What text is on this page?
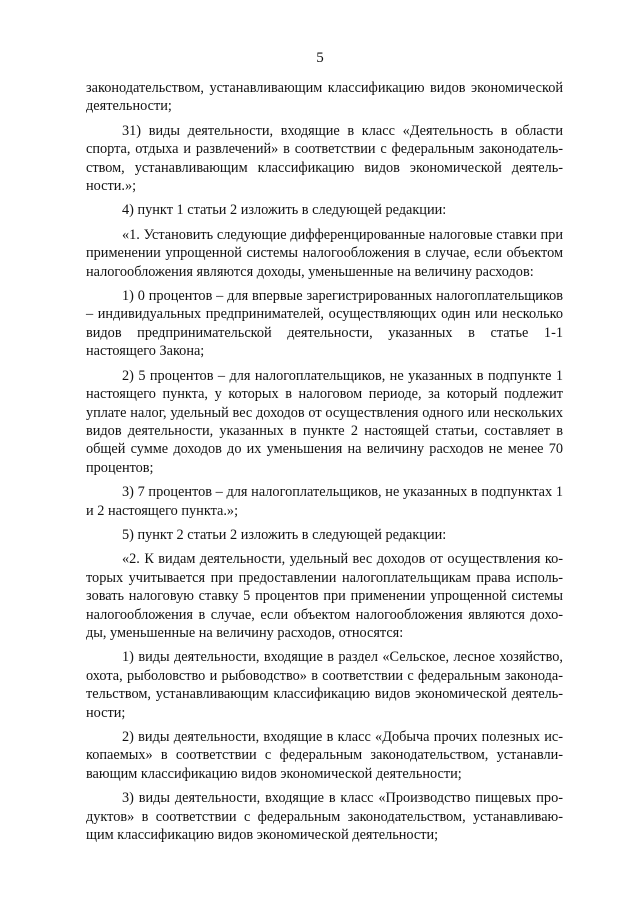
5

законодательством, устанавливающим классификацию видов экономической деятельности;

31) виды деятельности, входящие в класс «Деятельность в области спорта, отдыха и развлечений» в соответствии с федеральным законодательством, устанавливающим классификацию видов экономической деятельности.»;

4) пункт 1 статьи 2 изложить в следующей редакции:

«1. Установить следующие дифференцированные налоговые ставки при применении упрощенной системы налогообложения в случае, если объектом налогообложения являются доходы, уменьшенные на величину расходов:

1) 0 процентов – для впервые зарегистрированных налогоплательщиков – индивидуальных предпринимателей, осуществляющих один или несколько видов предпринимательской деятельности, указанных в статье 1-1 настоящего Закона;

2) 5 процентов – для налогоплательщиков, не указанных в подпункте 1 настоящего пункта, у которых в налоговом периоде, за который подлежит уплате налог, удельный вес доходов от осуществления одного или нескольких видов деятельности, указанных в пункте 2 настоящей статьи, составляет в общей сумме доходов до их уменьшения на величину расходов не менее 70 процентов;

3) 7 процентов – для налогоплательщиков, не указанных в подпунктах 1 и 2 настоящего пункта.»;

5) пункт 2 статьи 2 изложить в следующей редакции:

«2. К видам деятельности, удельный вес доходов от осуществления которых учитывается при предоставлении налогоплательщикам права использовать налоговую ставку 5 процентов при применении упрощенной системы налогообложения в случае, если объектом налогообложения являются доходы, уменьшенные на величину расходов, относятся:

1) виды деятельности, входящие в раздел «Сельское, лесное хозяйство, охота, рыболовство и рыбоводство» в соответствии с федеральным законодательством, устанавливающим классификацию видов экономической деятельности;

2) виды деятельности, входящие в класс «Добыча прочих полезных ископаемых» в соответствии с федеральным законодательством, устанавливающим классификацию видов экономической деятельности;

3) виды деятельности, входящие в класс «Производство пищевых продуктов» в соответствии с федеральным законодательством, устанавливающим классификацию видов экономической деятельности;
